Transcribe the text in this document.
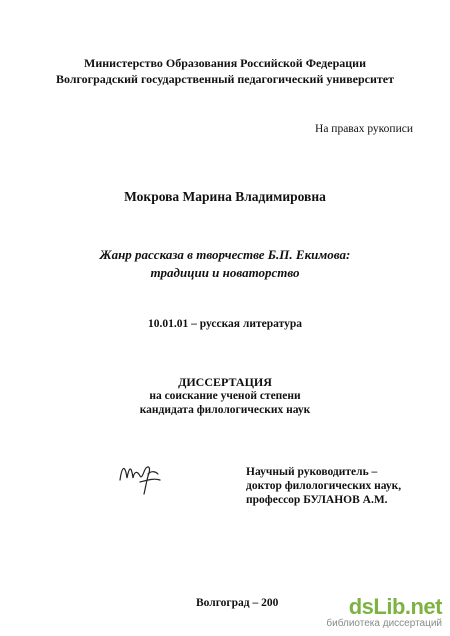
Министерство Образования Российской Федерации
Волгоградский государственный педагогический университет
На правах рукописи
Мокрова Марина Владимировна
Жанр рассказа в творчестве Б.П. Екимова:
традиции и новаторство
10.01.01 – русская литература
ДИССЕРТАЦИЯ
на соискание ученой степени
кандидата филологических наук
Научный руководитель –
доктор филологических наук,
профессор БУЛАНОВ А.М.
Волгоград – 200	dsLib.net
библиотека диссертаций
